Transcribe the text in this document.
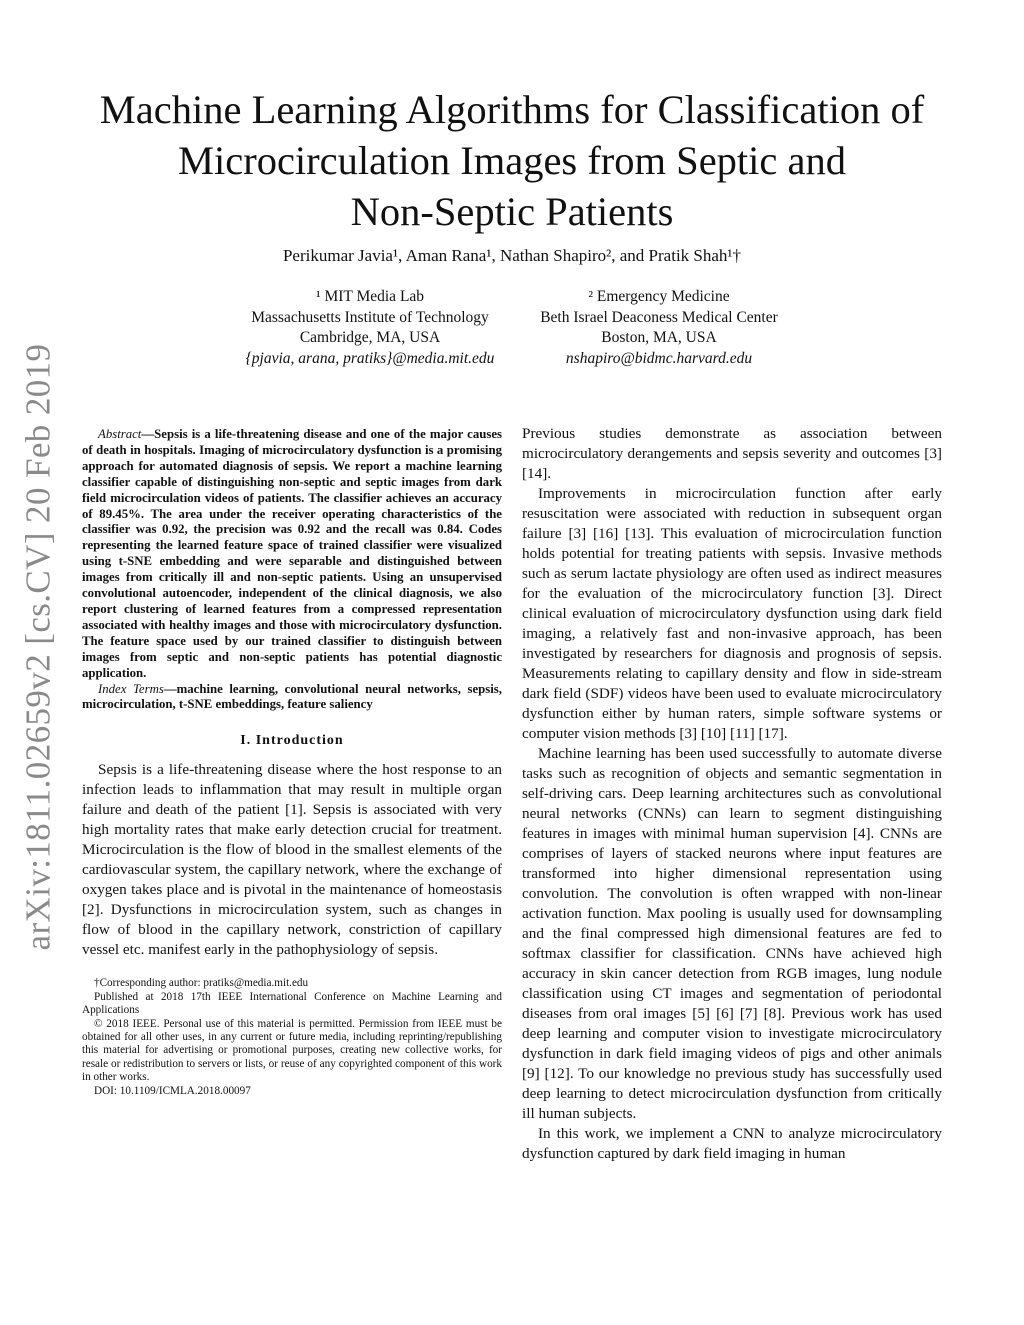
arXiv:1811.02659v2 [cs.CV] 20 Feb 2019
Machine Learning Algorithms for Classification of
Microcirculation Images from Septic and
Non-Septic Patients
Perikumar Javia¹, Aman Rana¹, Nathan Shapiro², and Pratik Shah¹†
¹ MIT Media Lab
Massachusetts Institute of Technology
Cambridge, MA, USA
{pjavia, arana, pratiks}@media.mit.edu
² Emergency Medicine
Beth Israel Deaconess Medical Center
Boston, MA, USA
nshapiro@bidmc.harvard.edu

Abstract—Sepsis is a life-threatening disease and one of the major causes of death in hospitals. Imaging of microcirculatory dysfunction is a promising approach for automated diagnosis of sepsis. We report a machine learning classifier capable of distinguishing non-septic and septic images from dark field microcirculation videos of patients. The classifier achieves an accuracy of 89.45%. The area under the receiver operating characteristics of the classifier was 0.92, the precision was 0.92 and the recall was 0.84. Codes representing the learned feature space of trained classifier were visualized using t-SNE embedding and were separable and distinguished between images from critically ill and non-septic patients. Using an unsupervised convolutional autoencoder, independent of the clinical diagnosis, we also report clustering of learned features from a compressed representation associated with healthy images and those with microcirculatory dysfunction. The feature space used by our trained classifier to distinguish between images from septic and non-septic patients has potential diagnostic application.

Index Terms—machine learning, convolutional neural networks, sepsis, microcirculation, t-SNE embeddings, feature saliency

I. Introduction

Sepsis is a life-threatening disease where the host response to an infection leads to inflammation that may result in multiple organ failure and death of the patient [1]. Sepsis is associated with very high mortality rates that make early detection crucial for treatment. Microcirculation is the flow of blood in the smallest elements of the cardiovascular system, the capillary network, where the exchange of oxygen takes place and is pivotal in the maintenance of homeostasis [2]. Dysfunctions in microcirculation system, such as changes in flow of blood in the capillary network, constriction of capillary vessel etc. manifest early in the pathophysiology of sepsis.

†Corresponding author: pratiks@media.mit.edu

Published at 2018 17th IEEE International Conference on Machine Learning and Applications

© 2018 IEEE. Personal use of this material is permitted. Permission from IEEE must be obtained for all other uses, in any current or future media, including reprinting/republishing this material for advertising or promotional purposes, creating new collective works, for resale or redistribution to servers or lists, or reuse of any copyrighted component of this work in other works.

DOI: 10.1109/ICMLA.2018.00097

Previous studies demonstrate as association between microcirculatory derangements and sepsis severity and outcomes [3] [14].

Improvements in microcirculation function after early resuscitation were associated with reduction in subsequent organ failure [3] [16] [13]. This evaluation of microcirculation function holds potential for treating patients with sepsis. Invasive methods such as serum lactate physiology are often used as indirect measures for the evaluation of the microcirculatory function [3]. Direct clinical evaluation of microcirculatory dysfunction using dark field imaging, a relatively fast and non-invasive approach, has been investigated by researchers for diagnosis and prognosis of sepsis. Measurements relating to capillary density and flow in side-stream dark field (SDF) videos have been used to evaluate microcirculatory dysfunction either by human raters, simple software systems or computer vision methods [3] [10] [11] [17].

Machine learning has been used successfully to automate diverse tasks such as recognition of objects and semantic segmentation in self-driving cars. Deep learning architectures such as convolutional neural networks (CNNs) can learn to segment distinguishing features in images with minimal human supervision [4]. CNNs are comprises of layers of stacked neurons where input features are transformed into higher dimensional representation using convolution. The convolution is often wrapped with non-linear activation function. Max pooling is usually used for downsampling and the final compressed high dimensional features are fed to softmax classifier for classification. CNNs have achieved high accuracy in skin cancer detection from RGB images, lung nodule classification using CT images and segmentation of periodontal diseases from oral images [5] [6] [7] [8]. Previous work has used deep learning and computer vision to investigate microcirculatory dysfunction in dark field imaging videos of pigs and other animals [9] [12]. To our knowledge no previous study has successfully used deep learning to detect microcirculation dysfunction from critically ill human subjects.

In this work, we implement a CNN to analyze microcirculatory dysfunction captured by dark field imaging in human
